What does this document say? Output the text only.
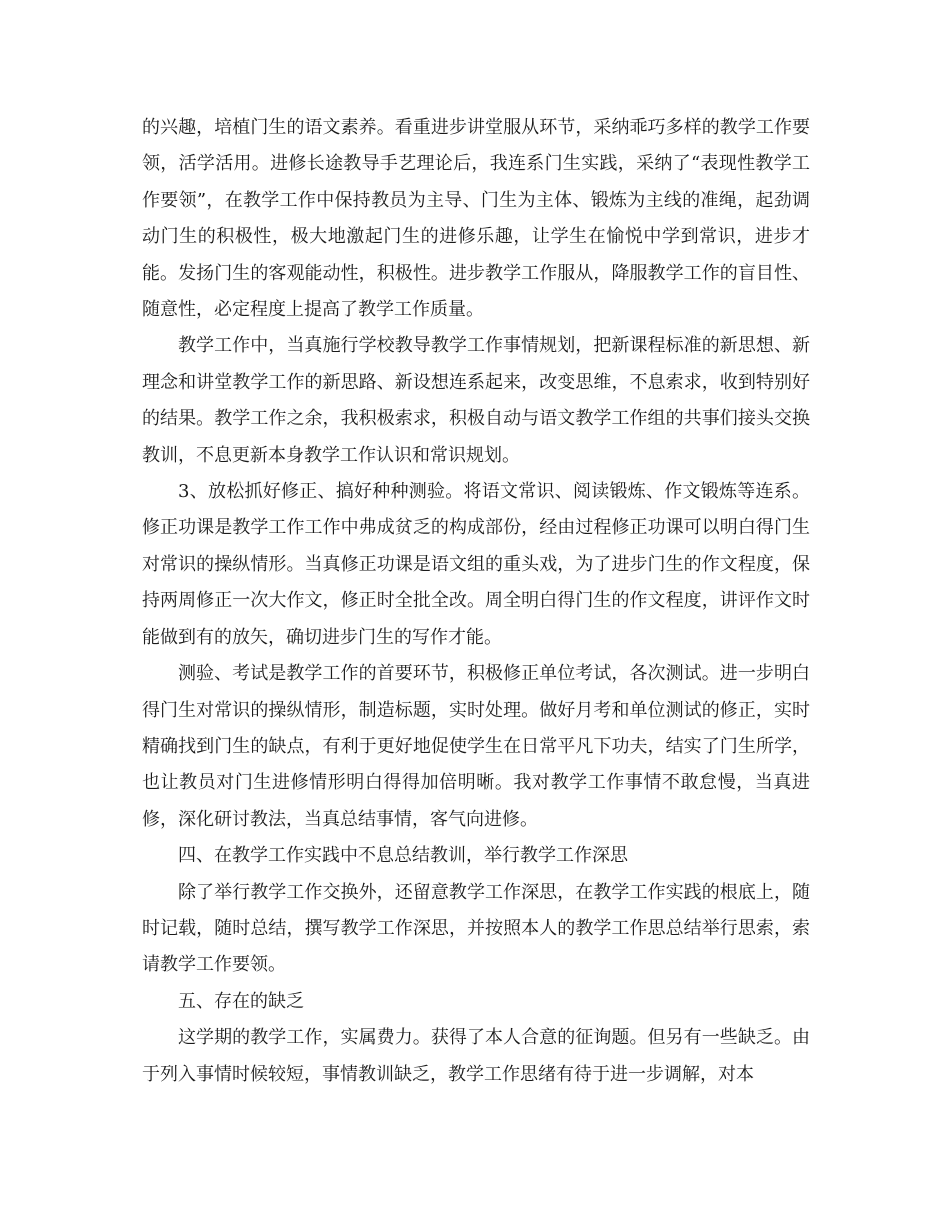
的兴趣，培植门生的语文素养。看重进步讲堂服从环节，采纳乖巧多样的教学工作要领，活学活用。进修长途教导手艺理论后，我连系门生实践，采纳了“表现性教学工作要领”，在教学工作中保持教员为主导、门生为主体、锻炼为主线的准绳，起劲调动门生的积极性，极大地激起门生的进修乐趣，让学生在愉悦中学到常识，进步才能。发扬门生的客观能动性，积极性。进步教学工作服从，降服教学工作的盲目性、随意性，必定程度上提高了教学工作质量。

教学工作中，当真施行学校教导教学工作事情规划，把新课程标准的新思想、新理念和讲堂教学工作的新思路、新设想连系起来，改变思维，不息索求，收到特别好的结果。教学工作之余，我积极索求，积极自动与语文教学工作组的共事们接头交换教训，不息更新本身教学工作认识和常识规划。

3、放松抓好修正、搞好种种测验。将语文常识、阅读锻炼、作文锻炼等连系。修正功课是教学工作工作中弗成贫乏的构成部份，经由过程修正功课可以明白得门生对常识的操纵情形。当真修正功课是语文组的重头戏，为了进步门生的作文程度，保持两周修正一次大作文，修正时全批全改。周全明白得门生的作文程度，讲评作文时能做到有的放矢，确切进步门生的写作才能。

测验、考试是教学工作的首要环节，积极修正单位考试，各次测试。进一步明白得门生对常识的操纵情形，制造标题，实时处理。做好月考和单位测试的修正，实时精确找到门生的缺点，有利于更好地促使学生在日常平凡下功夫，结实了门生所学，也让教员对门生进修情形明白得得加倍明晰。我对教学工作事情不敢怠慢，当真进修，深化研讨教法，当真总结事情，客气向进修。

四、在教学工作实践中不息总结教训，举行教学工作深思

除了举行教学工作交换外，还留意教学工作深思，在教学工作实践的根底上，随时记载，随时总结，撰写教学工作深思，并按照本人的教学工作思总结举行思索，索请教学工作要领。

五、存在的缺乏

这学期的教学工作，实属费力。获得了本人合意的征询题。但另有一些缺乏。由于列入事情时候较短，事情教训缺乏，教学工作思绪有待于进一步调解，对本
